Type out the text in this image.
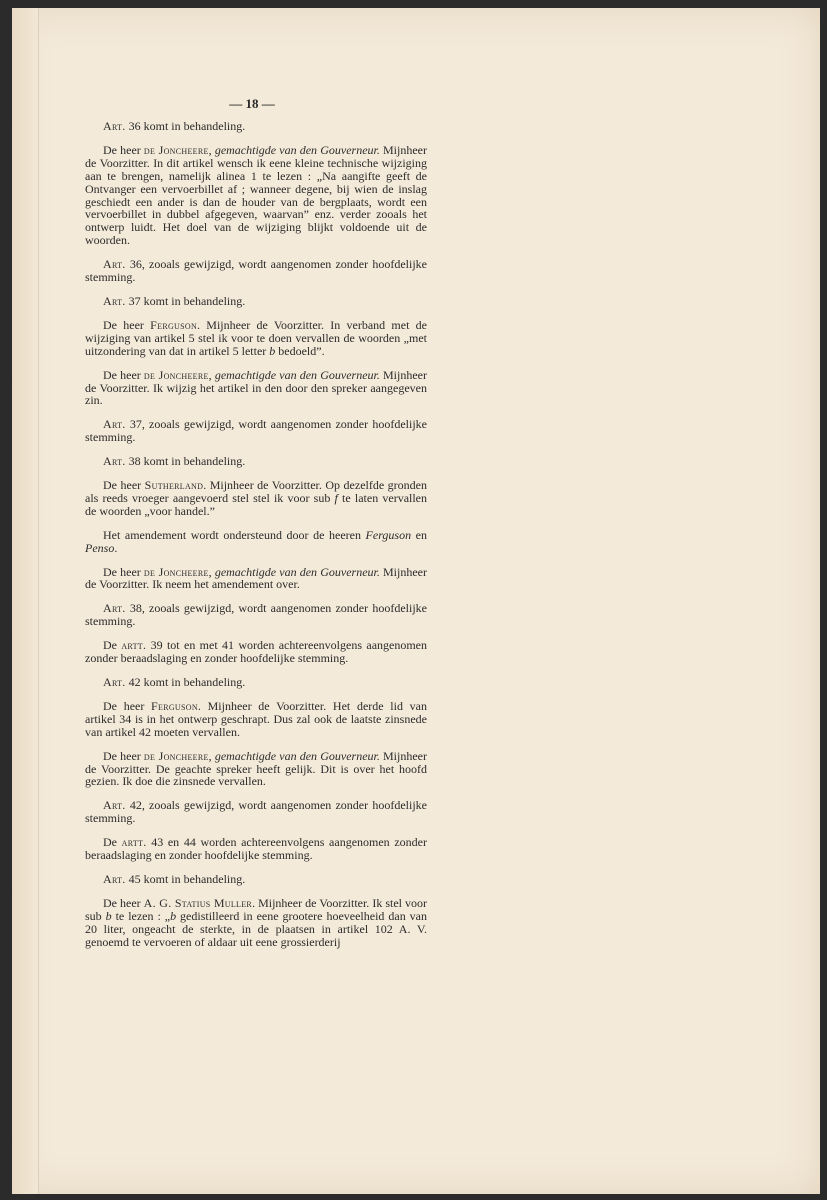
— 18 —

Art. 36 komt in behandeling.

De heer de Joncheere, gemachtigde van den Gouverneur. Mijnheer de Voorzitter. In dit artikel wensch ik eene kleine technische wijziging aan te brengen, namelijk alinea 1 te lezen : „Na aangifte geeft de Ontvanger een vervoerbillet af ; wanneer degene, bij wien de inslag geschiedt een ander is dan de houder van de bergplaats, wordt een vervoerbillet in dubbel afgegeven, waarvan” enz. verder zooals het ontwerp luidt. Het doel van de wijziging blijkt voldoende uit de woorden.

Art. 36, zooals gewijzigd, wordt aangenomen zonder hoofdelijke stemming.

Art. 37 komt in behandeling.

De heer Ferguson. Mijnheer de Voorzitter. In verband met de wijziging van artikel 5 stel ik voor te doen vervallen de woorden „met uitzondering van dat in artikel 5 letter b bedoeld”.

De heer de Joncheere, gemachtigde van den Gouverneur. Mijnheer de Voorzitter. Ik wijzig het artikel in den door den spreker aangegeven zin.

Art. 37, zooals gewijzigd, wordt aangenomen zonder hoofdelijke stemming.

Art. 38 komt in behandeling.

De heer Sutherland. Mijnheer de Voorzitter. Op dezelfde gronden als reeds vroeger aangevoerd stel stel ik voor sub f te laten vervallen de woorden „voor handel.”

Het amendement wordt ondersteund door de heeren Ferguson en Penso.

De heer de Joncheere, gemachtigde van den Gouverneur. Mijnheer de Voorzitter. Ik neem het amendement over.

Art. 38, zooals gewijzigd, wordt aangenomen zonder hoofdelijke stemming.

De artt. 39 tot en met 41 worden achtereenvolgens aangenomen zonder beraadslaging en zonder hoofdelijke stemming.

Art. 42 komt in behandeling.

De heer Ferguson. Mijnheer de Voorzitter. Het derde lid van artikel 34 is in het ontwerp geschrapt. Dus zal ook de laatste zinsnede van artikel 42 moeten vervallen.

De heer de Joncheere, gemachtigde van den Gouverneur. Mijnheer de Voorzitter. De geachte spreker heeft gelijk. Dit is over het hoofd gezien. Ik doe die zinsnede vervallen.

Art. 42, zooals gewijzigd, wordt aangenomen zonder hoofdelijke stemming.

De artt. 43 en 44 worden achtereenvolgens aangenomen zonder beraadslaging en zonder hoofdelijke stemming.

Art. 45 komt in behandeling.

De heer A. G. Statius Muller. Mijnheer de Voorzitter. Ik stel voor sub b te lezen : „b gedistilleerd in eene grootere hoeveelheid dan van 20 liter, ongeacht de sterkte, in de plaatsen in artikel 102 A. V. genoemd te vervoeren of aldaar uit eene grossierderij
